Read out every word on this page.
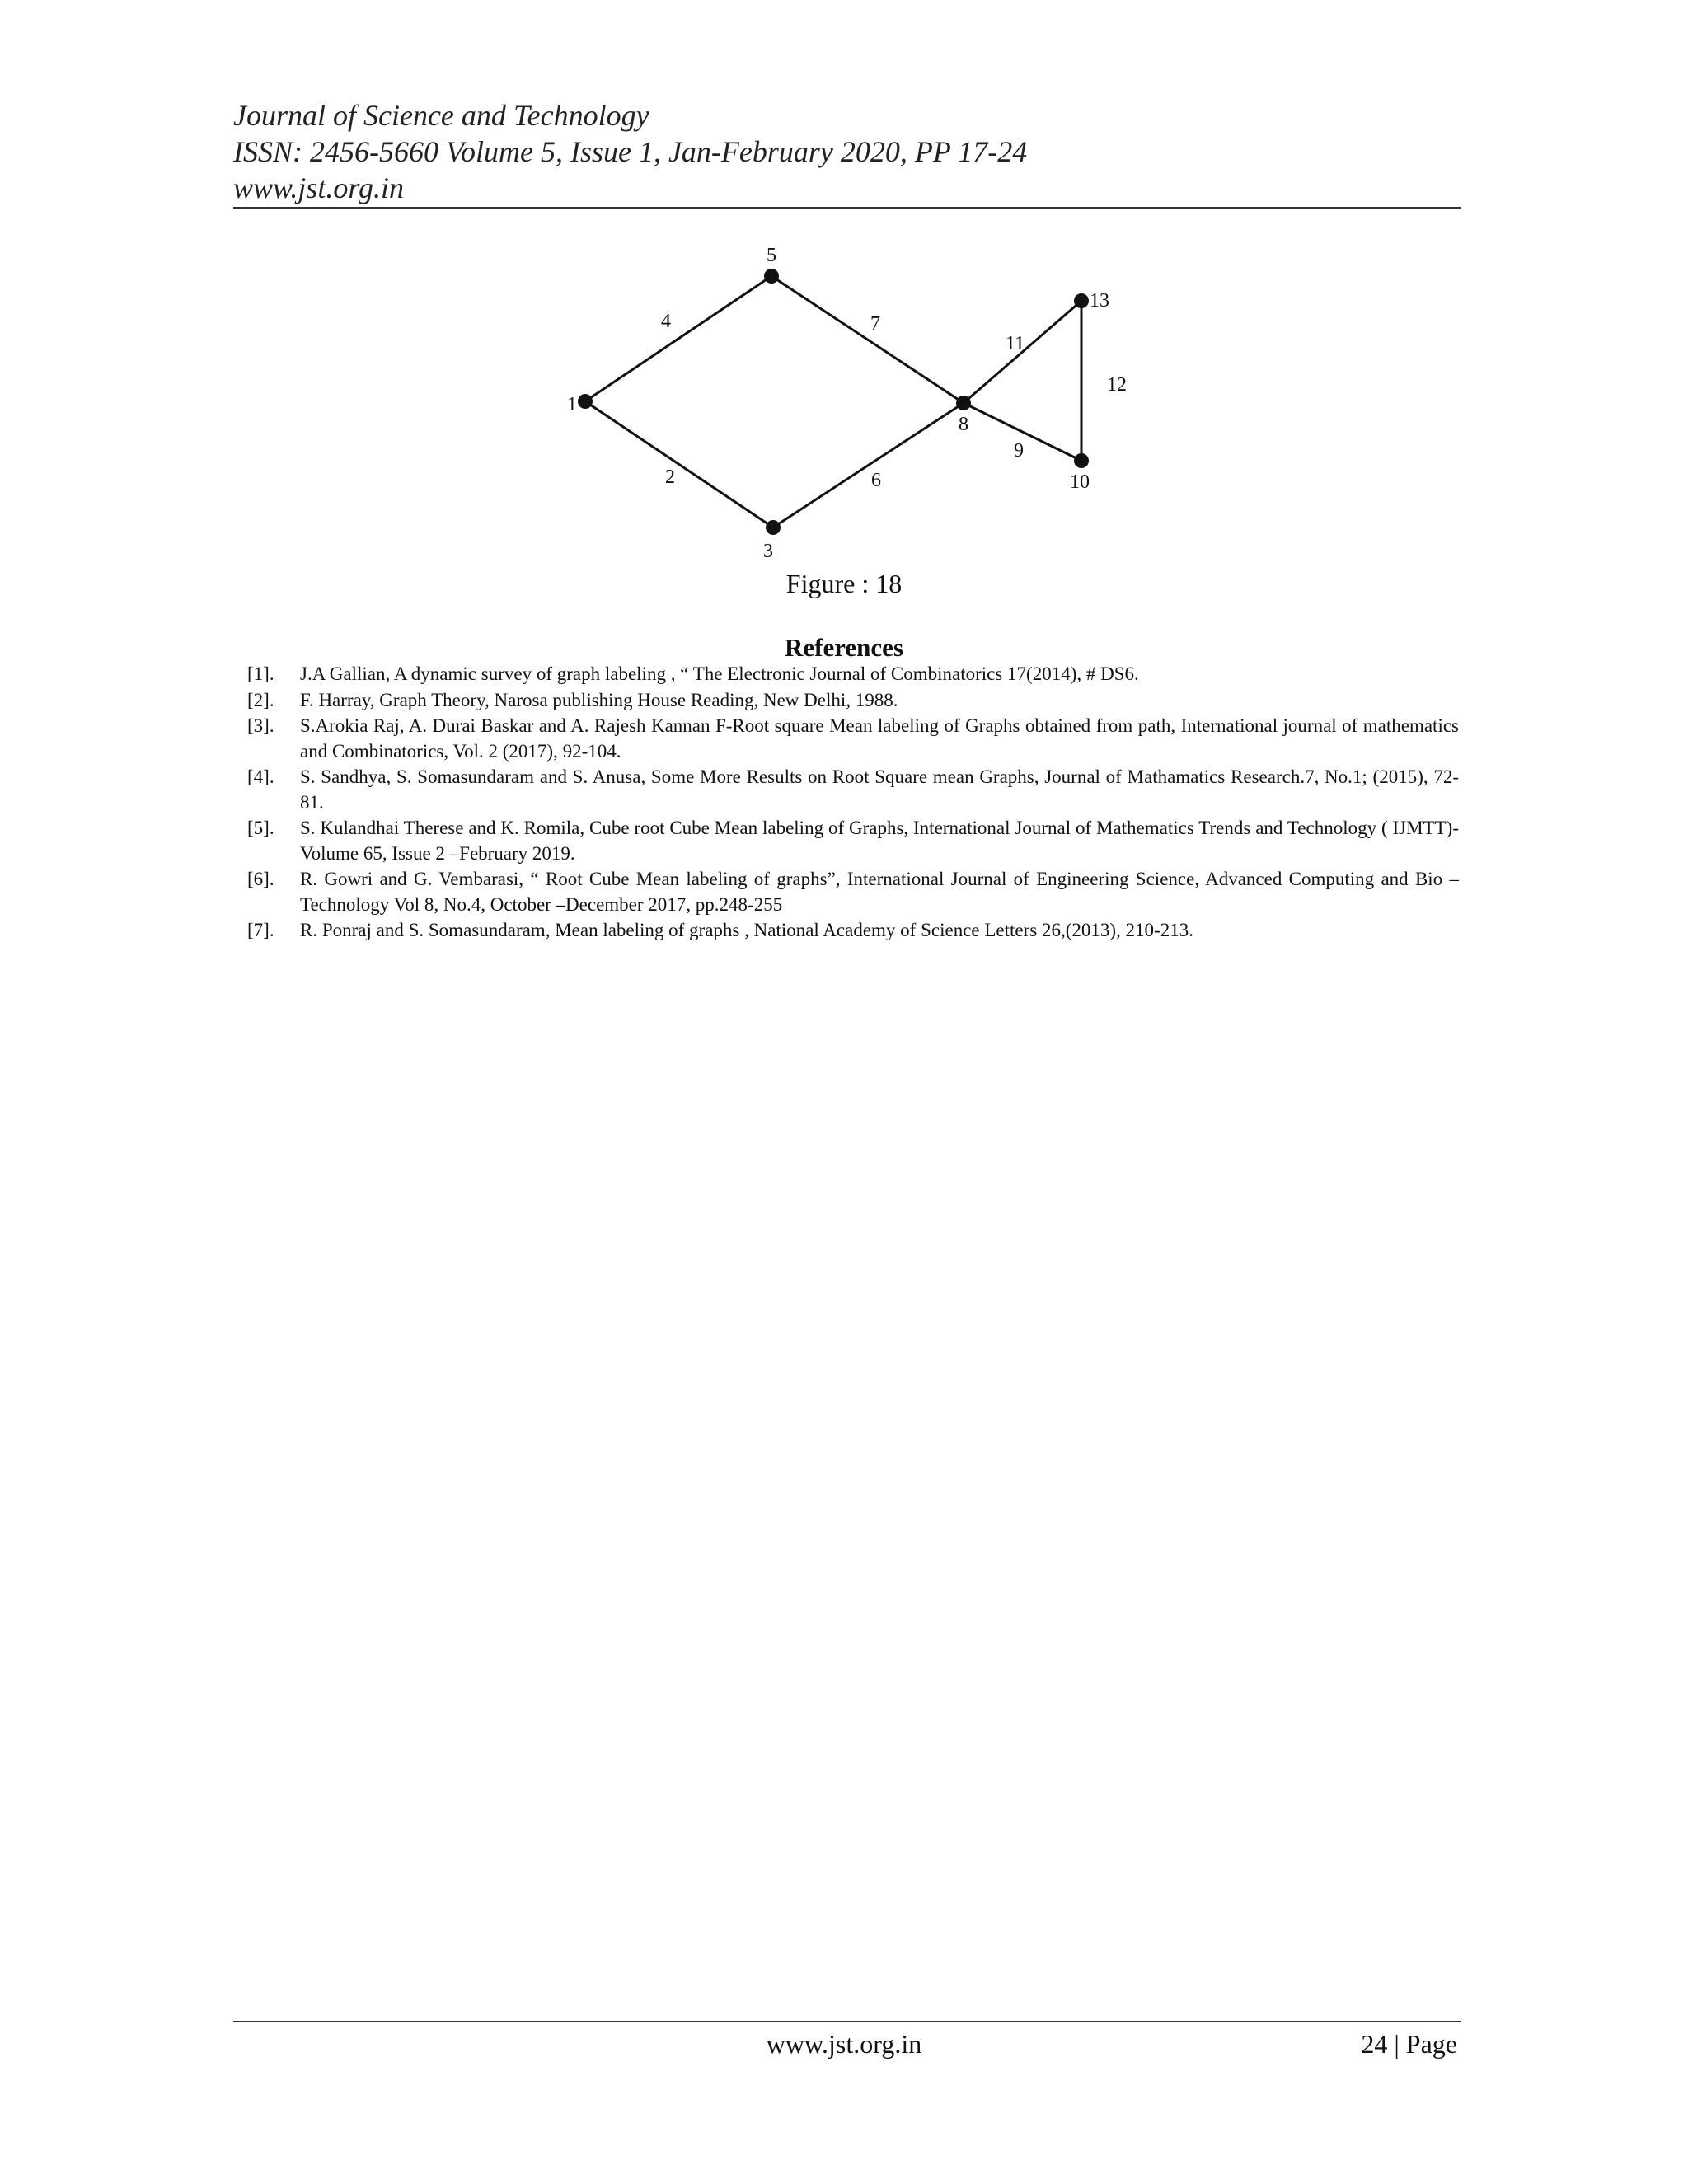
Journal of Science and Technology
ISSN: 2456-5660 Volume 5, Issue 1, Jan-February 2020, PP 17-24
www.jst.org.in
1
5
3
8
13
10
4
2
7
6
11
9
12
Figure : 18
References
[1]. J.A Gallian, A dynamic survey of graph labeling , “ The Electronic Journal of Combinatorics 17(2014), # DS6.
[2]. F. Harray, Graph Theory, Narosa publishing House Reading, New Delhi, 1988.
[3]. S.Arokia Raj, A. Durai Baskar and A. Rajesh Kannan F-Root square Mean labeling of Graphs obtained from path, International journal of mathematics and Combinatorics, Vol. 2 (2017), 92-104.
[4]. S. Sandhya, S. Somasundaram and S. Anusa, Some More Results on Root Square mean Graphs, Journal of Mathamatics Research.7, No.1; (2015), 72-81.
[5]. S. Kulandhai Therese and K. Romila, Cube root Cube Mean labeling of Graphs, International Journal of Mathematics Trends and Technology ( IJMTT)-Volume 65, Issue 2 –February 2019.
[6]. R. Gowri and G. Vembarasi, “ Root Cube Mean labeling of graphs”, International Journal of Engineering Science, Advanced Computing and Bio – Technology Vol 8, No.4, October –December 2017, pp.248-255
[7]. R. Ponraj and S. Somasundaram, Mean labeling of graphs , National Academy of Science Letters 26,(2013), 210-213.
www.jst.org.in	24 | Page
